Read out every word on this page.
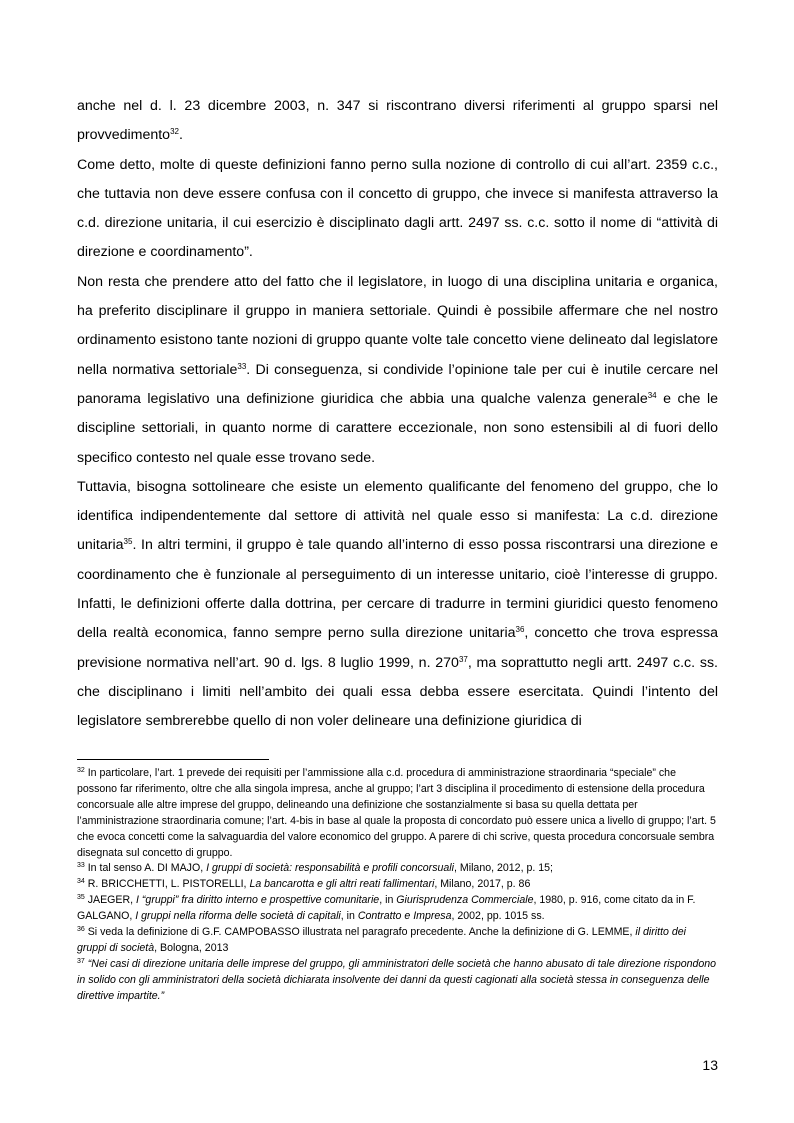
anche nel d. l. 23 dicembre 2003, n. 347 si riscontrano diversi riferimenti al gruppo sparsi nel provvedimento$^{32}$.

Come detto, molte di queste definizioni fanno perno sulla nozione di controllo di cui all’art. 2359 c.c., che tuttavia non deve essere confusa con il concetto di gruppo, che invece si manifesta attraverso la c.d. direzione unitaria, il cui esercizio è disciplinato dagli artt. 2497 ss. c.c. sotto il nome di “attività di direzione e coordinamento”.

Non resta che prendere atto del fatto che il legislatore, in luogo di una disciplina unitaria e organica, ha preferito disciplinare il gruppo in maniera settoriale. Quindi è possibile affermare che nel nostro ordinamento esistono tante nozioni di gruppo quante volte tale concetto viene delineato dal legislatore nella normativa settoriale$^{33}$. Di conseguenza, si condivide l’opinione tale per cui è inutile cercare nel panorama legislativo una definizione giuridica che abbia una qualche valenza generale$^{34}$ e che le discipline settoriali, in quanto norme di carattere eccezionale, non sono estensibili al di fuori dello specifico contesto nel quale esse trovano sede.

Tuttavia, bisogna sottolineare che esiste un elemento qualificante del fenomeno del gruppo, che lo identifica indipendentemente dal settore di attività nel quale esso si manifesta: La c.d. direzione unitaria$^{35}$. In altri termini, il gruppo è tale quando all’interno di esso possa riscontrarsi una direzione e coordinamento che è funzionale al perseguimento di un interesse unitario, cioè l’interesse di gruppo. Infatti, le definizioni offerte dalla dottrina, per cercare di tradurre in termini giuridici questo fenomeno della realtà economica, fanno sempre perno sulla direzione unitaria$^{36}$, concetto che trova espressa previsione normativa nell’art. 90 d. lgs. 8 luglio 1999, n. $270^{37}$, ma soprattutto negli artt. 2497 c.c. ss. che disciplinano i limiti nell’ambito dei quali essa debba essere esercitata. Quindi l’intento del legislatore sembrerebbe quello di non voler delineare una definizione giuridica di

$^{32}$ In particolare, l’art. 1 prevede dei requisiti per l’ammissione alla c.d. procedura di amministrazione straordinaria “speciale” che possono far riferimento, oltre che alla singola impresa, anche al gruppo; l’art 3 disciplina il procedimento di estensione della procedura concorsuale alle altre imprese del gruppo, delineando una definizione che sostanzialmente si basa su quella dettata per l’amministrazione straordinaria comune; l’art. 4-bis in base al quale la proposta di concordato può essere unica a livello di gruppo; l’art. 5 che evoca concetti come la salvaguardia del valore economico del gruppo. A parere di chi scrive, questa procedura concorsuale sembra disegnata sul concetto di gruppo.

$^{33}$ In tal senso A. DI MAJO, I gruppi di società: responsabilità e profili concorsuali, Milano, 2012, p. 15;

$^{34}$ R. BRICCHETTI, L. PISTORELLI, La bancarotta e gli altri reati fallimentari, Milano, 2017, p. 86

$^{35}$ JAEGER, I “gruppi” fra diritto interno e prospettive comunitarie, in Giurisprudenza Commerciale, 1980, p. 916, come citato da in F. GALGANO, I gruppi nella riforma delle società di capitali, in Contratto e Impresa, 2002, pp. 1015 ss.

$^{36}$ Si veda la definizione di G.F. CAMPOBASSO illustrata nel paragrafo precedente. Anche la definizione di G. LEMME, il diritto dei gruppi di società, Bologna, 2013

$^{37}$ “Nei casi di direzione unitaria delle imprese del gruppo, gli amministratori delle società che hanno abusato di tale direzione rispondono in solido con gli amministratori della società dichiarata insolvente dei danni da questi cagionati alla società stessa in conseguenza delle direttive impartite.”

13
